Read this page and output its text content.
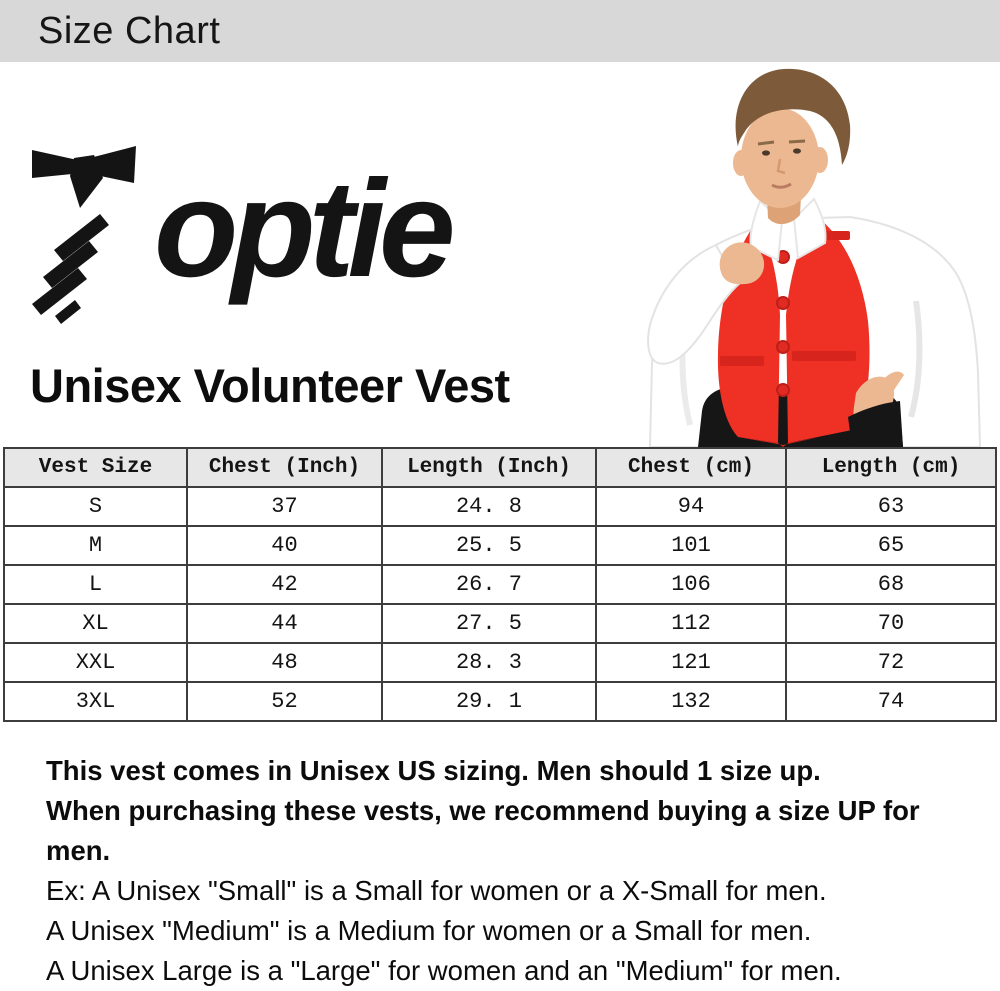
Size Chart
optie
Unisex Volunteer Vest
Vest Size	Chest (Inch)	Length (Inch)	Chest (cm)	Length (cm)
S	37	24. 8	94	63
M	40	25. 5	101	65
L	42	26. 7	106	68
XL	44	27. 5	112	70
XXL	48	28. 3	121	72
3XL	52	29. 1	132	74
This vest comes in Unisex US sizing. Men should 1 size up.
When purchasing these vests, we recommend buying a size UP for
men.
Ex: A Unisex "Small" is a Small for women or a X-Small for men.
A Unisex "Medium" is a Medium for women or a Small for men.
A Unisex Large is a "Large" for women and an "Medium" for men.
